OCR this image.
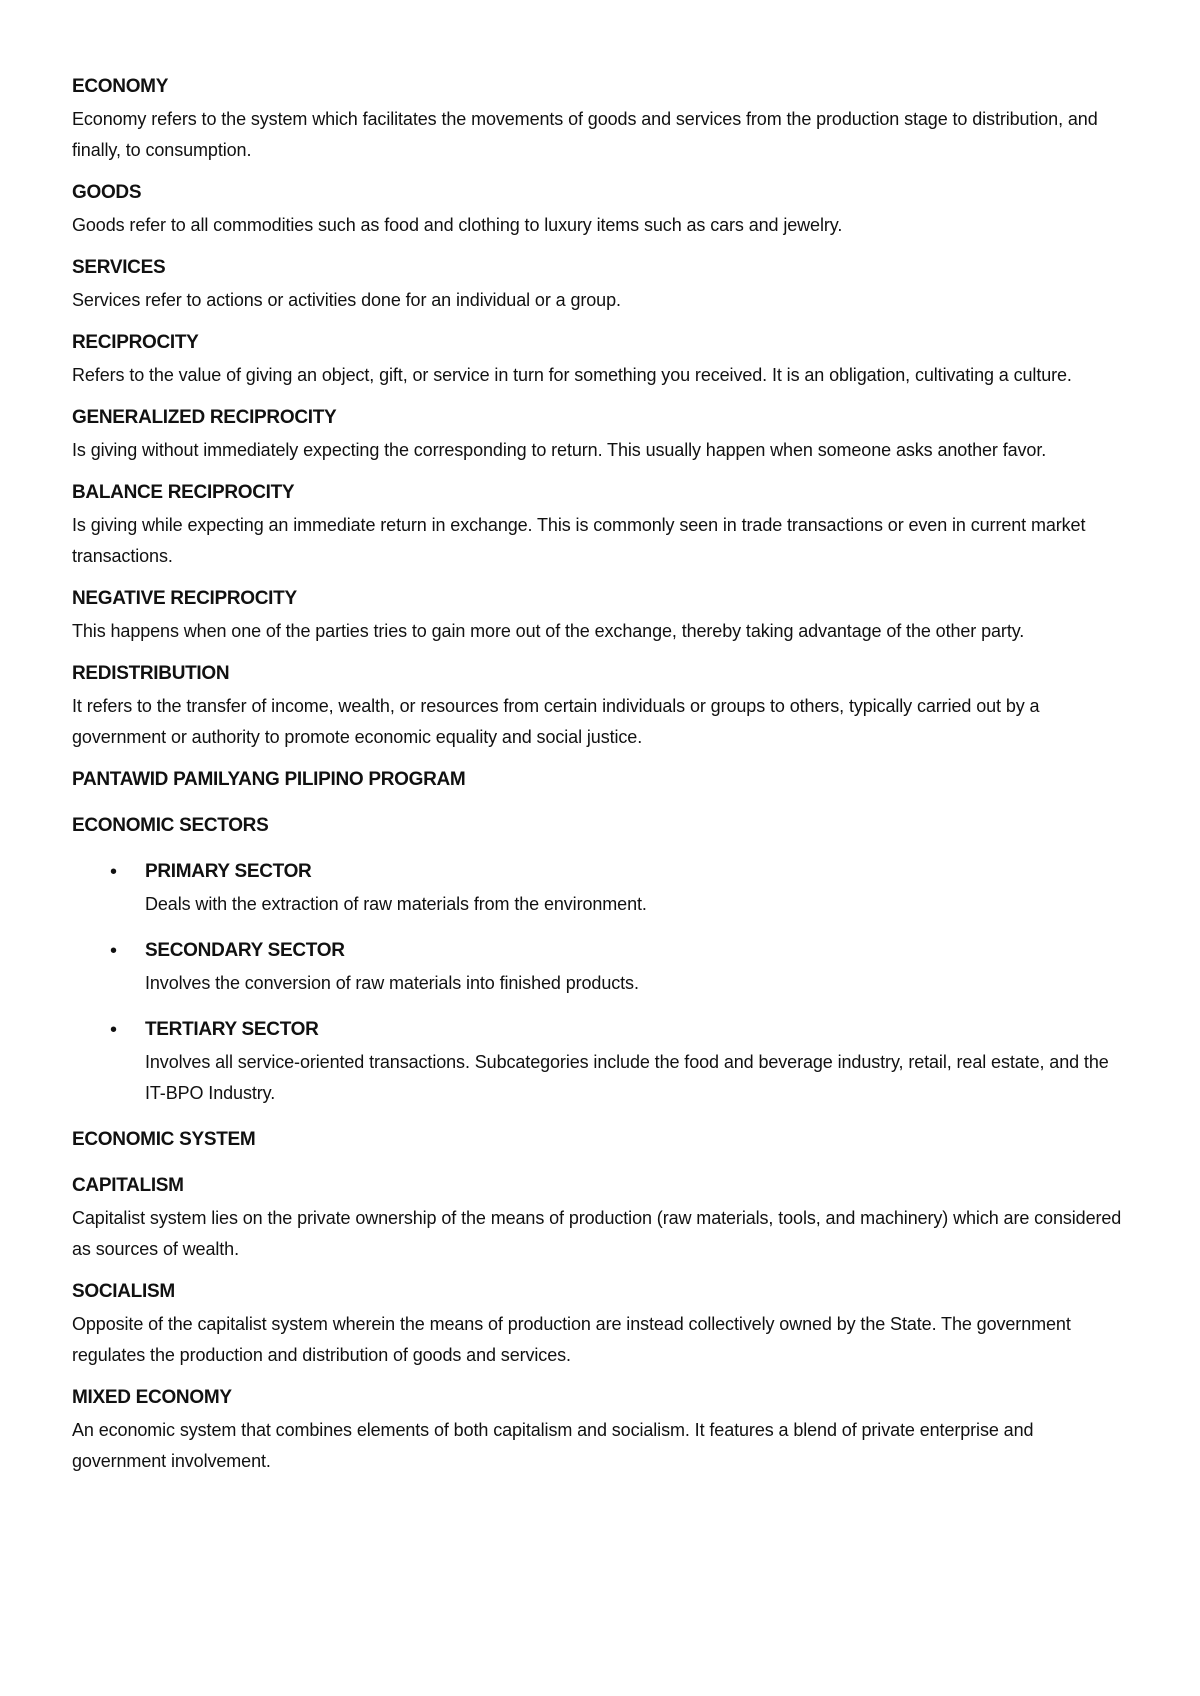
ECONOMY
Economy refers to the system which facilitates the movements of goods and services from the production stage to distribution, and finally, to consumption.
GOODS
Goods refer to all commodities such as food and clothing to luxury items such as cars and jewelry.
SERVICES
Services refer to actions or activities done for an individual or a group.
RECIPROCITY
Refers to the value of giving an object, gift, or service in turn for something you received. It is an obligation, cultivating a culture.
GENERALIZED RECIPROCITY
Is giving without immediately expecting the corresponding to return. This usually happen when someone asks another favor.
BALANCE RECIPROCITY
Is giving while expecting an immediate return in exchange. This is commonly seen in trade transactions or even in current market transactions.
NEGATIVE RECIPROCITY
This happens when one of the parties tries to gain more out of the exchange, thereby taking advantage of the other party.
REDISTRIBUTION
It refers to the transfer of income, wealth, or resources from certain individuals or groups to others, typically carried out by a government or authority to promote economic equality and social justice.
PANTAWID PAMILYANG PILIPINO PROGRAM
ECONOMIC SECTORS
• PRIMARY SECTOR
Deals with the extraction of raw materials from the environment.
• SECONDARY SECTOR
Involves the conversion of raw materials into finished products.
• TERTIARY SECTOR
Involves all service-oriented transactions. Subcategories include the food and beverage industry, retail, real estate, and the IT-BPO Industry.
ECONOMIC SYSTEM
CAPITALISM
Capitalist system lies on the private ownership of the means of production (raw materials, tools, and machinery) which are considered as sources of wealth.
SOCIALISM
Opposite of the capitalist system wherein the means of production are instead collectively owned by the State. The government regulates the production and distribution of goods and services.
MIXED ECONOMY
An economic system that combines elements of both capitalism and socialism. It features a blend of private enterprise and government involvement.
